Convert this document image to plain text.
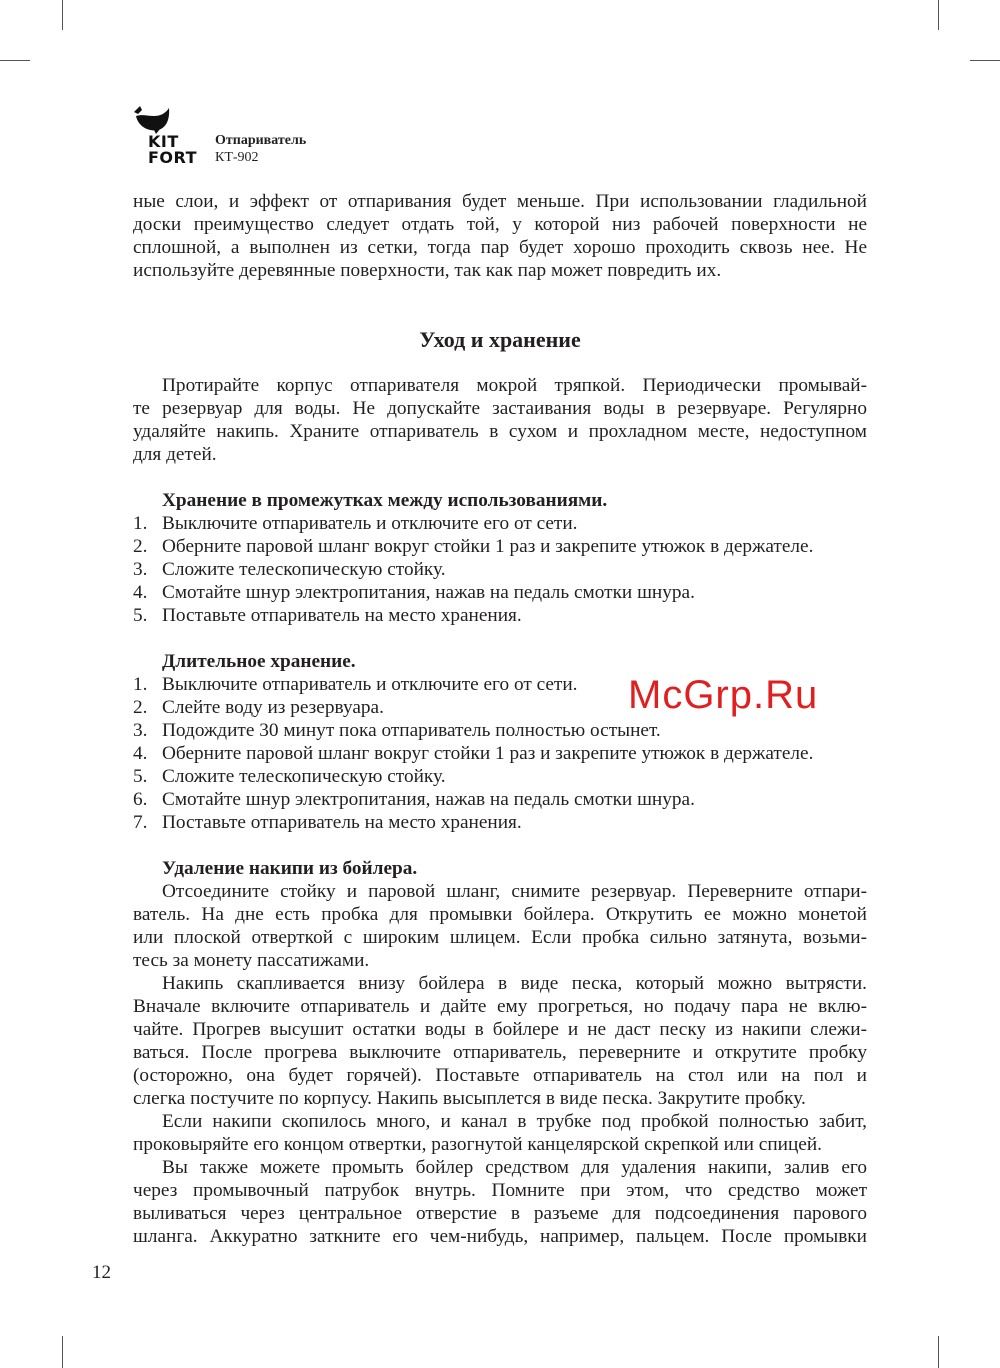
KIT
FORT
Отпариватель
КТ-902
ные слои, и эффект от отпаривания будет меньше. При использовании гладильной
доски преимущество следует отдать той, у которой низ рабочей поверхности не
сплошной, а выполнен из сетки, тогда пар будет хорошо проходить сквозь нее. Не
используйте деревянные поверхности, так как пар может повредить их.
Уход и хранение
Протирайте корпус отпаривателя мокрой тряпкой. Периодически промывай-
те резервуар для воды. Не допускайте застаивания воды в резервуаре. Регулярно
удаляйте накипь. Храните отпариватель в сухом и прохладном месте, недоступном
для детей.
Хранение в промежутках между использованиями.
1. Выключите отпариватель и отключите его от сети.
2. Оберните паровой шланг вокруг стойки 1 раз и закрепите утюжок в держателе.
3. Сложите телескопическую стойку.
4. Смотайте шнур электропитания, нажав на педаль смотки шнура.
5. Поставьте отпариватель на место хранения.
Длительное хранение.
1. Выключите отпариватель и отключите его от сети.
2. Слейте воду из резервуара.
3. Подождите 30 минут пока отпариватель полностью остынет.
4. Оберните паровой шланг вокруг стойки 1 раз и закрепите утюжок в держателе.
5. Сложите телескопическую стойку.
6. Смотайте шнур электропитания, нажав на педаль смотки шнура.
7. Поставьте отпариватель на место хранения.
Удаление накипи из бойлера.
Отсоедините стойку и паровой шланг, снимите резервуар. Переверните отпари-
ватель. На дне есть пробка для промывки бойлера. Открутить ее можно монетой
или плоской отверткой с широким шлицем. Если пробка сильно затянута, возьми-
тесь за монету пассатижами.
Накипь скапливается внизу бойлера в виде песка, который можно вытрясти.
Вначале включите отпариватель и дайте ему прогреться, но подачу пара не вклю-
чайте. Прогрев высушит остатки воды в бойлере и не даст песку из накипи слежи-
ваться. После прогрева выключите отпариватель, переверните и открутите пробку
(осторожно, она будет горячей). Поставьте отпариватель на стол или на пол и
слегка постучите по корпусу. Накипь высыплется в виде песка. Закрутите пробку.
Если накипи скопилось много, и канал в трубке под пробкой полностью забит,
проковыряйте его концом отвертки, разогнутой канцелярской скрепкой или спицей.
Вы также можете промыть бойлер средством для удаления накипи, залив его
через промывочный патрубок внутрь. Помните при этом, что средство может
выливаться через центральное отверстие в разъеме для подсоединения парового
шланга. Аккуратно заткните его чем-нибудь, например, пальцем. После промывки
McGrp.Ru
12
